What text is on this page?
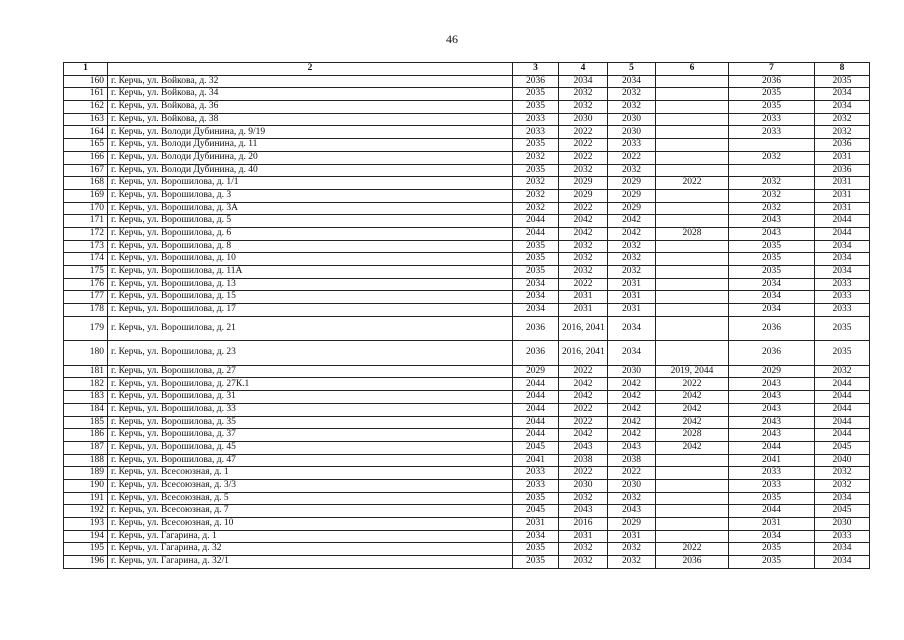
46
1	2	3	4	5	6	7	8
160	г. Керчь, ул. Войкова, д. 32	2036	2034	2034		2036	2035
161	г. Керчь, ул. Войкова, д. 34	2035	2032	2032		2035	2034
162	г. Керчь, ул. Войкова, д. 36	2035	2032	2032		2035	2034
163	г. Керчь, ул. Войкова, д. 38	2033	2030	2030		2033	2032
164	г. Керчь, ул. Володи Дубинина, д. 9/19	2033	2022	2030		2033	2032
165	г. Керчь, ул. Володи Дубинина, д. 11	2035	2022	2033			2036
166	г. Керчь, ул. Володи Дубинина, д. 20	2032	2022	2022		2032	2031
167	г. Керчь, ул. Володи Дубинина, д. 40	2035	2032	2032			2036
168	г. Керчь, ул. Ворошилова, д. 1/1	2032	2029	2029	2022	2032	2031
169	г. Керчь, ул. Ворошилова, д. 3	2032	2029	2029		2032	2031
170	г. Керчь, ул. Ворошилова, д. 3А	2032	2022	2029		2032	2031
171	г. Керчь, ул. Ворошилова, д. 5	2044	2042	2042		2043	2044
172	г. Керчь, ул. Ворошилова, д. 6	2044	2042	2042	2028	2043	2044
173	г. Керчь, ул. Ворошилова, д. 8	2035	2032	2032		2035	2034
174	г. Керчь, ул. Ворошилова, д. 10	2035	2032	2032		2035	2034
175	г. Керчь, ул. Ворошилова, д. 11А	2035	2032	2032		2035	2034
176	г. Керчь, ул. Ворошилова, д. 13	2034	2022	2031		2034	2033
177	г. Керчь, ул. Ворошилова, д. 15	2034	2031	2031		2034	2033
178	г. Керчь, ул. Ворошилова, д. 17	2034	2031	2031		2034	2033
179	г. Керчь, ул. Ворошилова, д. 21	2036	2016, 2041	2034		2036	2035
180	г. Керчь, ул. Ворошилова, д. 23	2036	2016, 2041	2034		2036	2035
181	г. Керчь, ул. Ворошилова, д. 27	2029	2022	2030	2019, 2044	2029	2032
182	г. Керчь, ул. Ворошилова, д. 27К.1	2044	2042	2042	2022	2043	2044
183	г. Керчь, ул. Ворошилова, д. 31	2044	2042	2042	2042	2043	2044
184	г. Керчь, ул. Ворошилова, д. 33	2044	2022	2042	2042	2043	2044
185	г. Керчь, ул. Ворошилова, д. 35	2044	2022	2042	2042	2043	2044
186	г. Керчь, ул. Ворошилова, д. 37	2044	2042	2042	2028	2043	2044
187	г. Керчь, ул. Ворошилова, д. 45	2045	2043	2043	2042	2044	2045
188	г. Керчь, ул. Ворошилова, д. 47	2041	2038	2038		2041	2040
189	г. Керчь, ул. Всесоюзная, д. 1	2033	2022	2022		2033	2032
190	г. Керчь, ул. Всесоюзная, д. 3/3	2033	2030	2030		2033	2032
191	г. Керчь, ул. Всесоюзная, д. 5	2035	2032	2032		2035	2034
192	г. Керчь, ул. Всесоюзная, д. 7	2045	2043	2043		2044	2045
193	г. Керчь, ул. Всесоюзная, д. 10	2031	2016	2029		2031	2030
194	г. Керчь, ул. Гагарина, д. 1	2034	2031	2031		2034	2033
195	г. Керчь, ул. Гагарина, д. 32	2035	2032	2032	2022	2035	2034
196	г. Керчь, ул. Гагарина, д. 32/1	2035	2032	2032	2036	2035	2034
